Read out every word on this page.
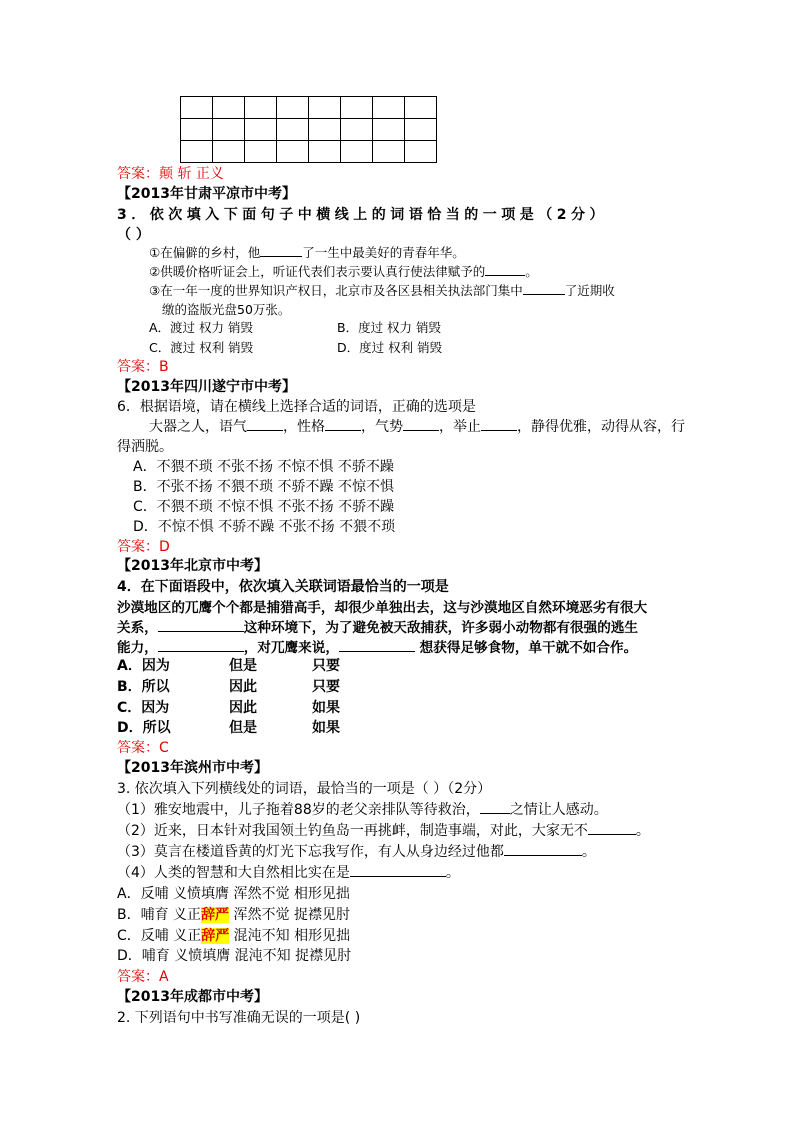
答案：颠 斩 正义
【2013年甘肃平凉市中考】
3．依次填入下面句子中横线上的词语恰当的一项是（2分）
（ ）
①在偏僻的乡村，他	了一生中最美好的青春年华。
②供暖价格听证会上，听证代表们表示要认真行使法律赋予的	。
③在一年一度的世界知识产权日，北京市及各区县相关执法部门集中	了近期收
缴的盗版光盘50万张。
A．渡过 权力 销毁	B．度过 权力 销毁
C．渡过 权利 销毁	D．度过 权利 销毁
答案：B
【2013年四川遂宁市中考】
6．根据语境，请在横线上选择合适的词语，正确的选项是
大器之人，语气	，性格	，气势	，举止	，静得优雅，动得从容，行
得洒脱。
A．不猥不琐 不张不扬 不惊不惧 不骄不躁
B．不张不扬 不猥不琐 不骄不躁 不惊不惧
C．不猥不琐 不惊不惧 不张不扬 不骄不躁
D．不惊不惧 不骄不躁 不张不扬 不猥不琐
答案：D
【2013年北京市中考】
4．在下面语段中，依次填入关联词语最恰当的一项是
沙漠地区的兀鹰个个都是捕猎高手，却很少单独出去，这与沙漠地区自然环境恶劣有很大
关系，	这种环境下，为了避免被天敌捕获，许多弱小动物都有很强的逃生
能力，	，对兀鹰来说，	想获得足够食物，单干就不如合作。
A．因为	但是	只要
B．所以	因此	只要
C．因为	因此	如果
D．所以	但是	如果
答案：C
【2013年滨州市中考】
3. 依次填入下列横线处的词语，最恰当的一项是（ ）（2分）
（1）雅安地震中，儿子拖着88岁的老父亲排队等待救治， 之情让人感动。
（2）近来，日本针对我国领土钓鱼岛一再挑衅，制造事端，对此，大家无不	。
（3）莫言在楼道昏黄的灯光下忘我写作，有人从身边经过他都	。
（4）人类的智慧和大自然相比实在是	。
A．反哺 义愤填膺 浑然不觉 相形见拙
B．哺育 义正辞严 浑然不觉 捉襟见肘
C．反哺 义正辞严 混沌不知 相形见拙
D．哺育 义愤填膺 混沌不知 捉襟见肘
答案：A
【2013年成都市中考】
2. 下列语句中书写准确无误的一项是( )
